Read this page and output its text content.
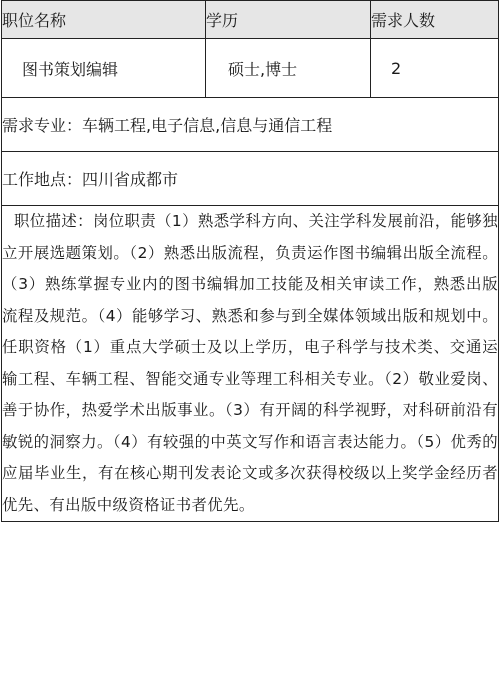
职位名称	学历	需求人数
图书策划编辑	硕士,博士	2
需求专业：车辆工程,电子信息,信息与通信工程		
工作地点：四川省成都市		
职位描述：岗位职责（1）熟悉学科方向、关注学科发展前沿，能够独立开展选题策划。（2）熟悉出版流程，负责运作图书编辑出版全流程。（3）熟练掌握专业内的图书编辑加工技能及相关审读工作，熟悉出版流程及规范。（4）能够学习、熟悉和参与到全媒体领域出版和规划中。任职资格（1）重点大学硕士及以上学历，电子科学与技术类、交通运输工程、车辆工程、智能交通专业等理工科相关专业。（2）敬业爱岗、善于协作，热爱学术出版事业。（3）有开阔的科学视野，对科研前沿有敏锐的洞察力。（4）有较强的中英文写作和语言表达能力。（5）优秀的应届毕业生，有在核心期刊发表论文或多次获得校级以上奖学金经历者优先、有出版中级资格证书者优先。		
